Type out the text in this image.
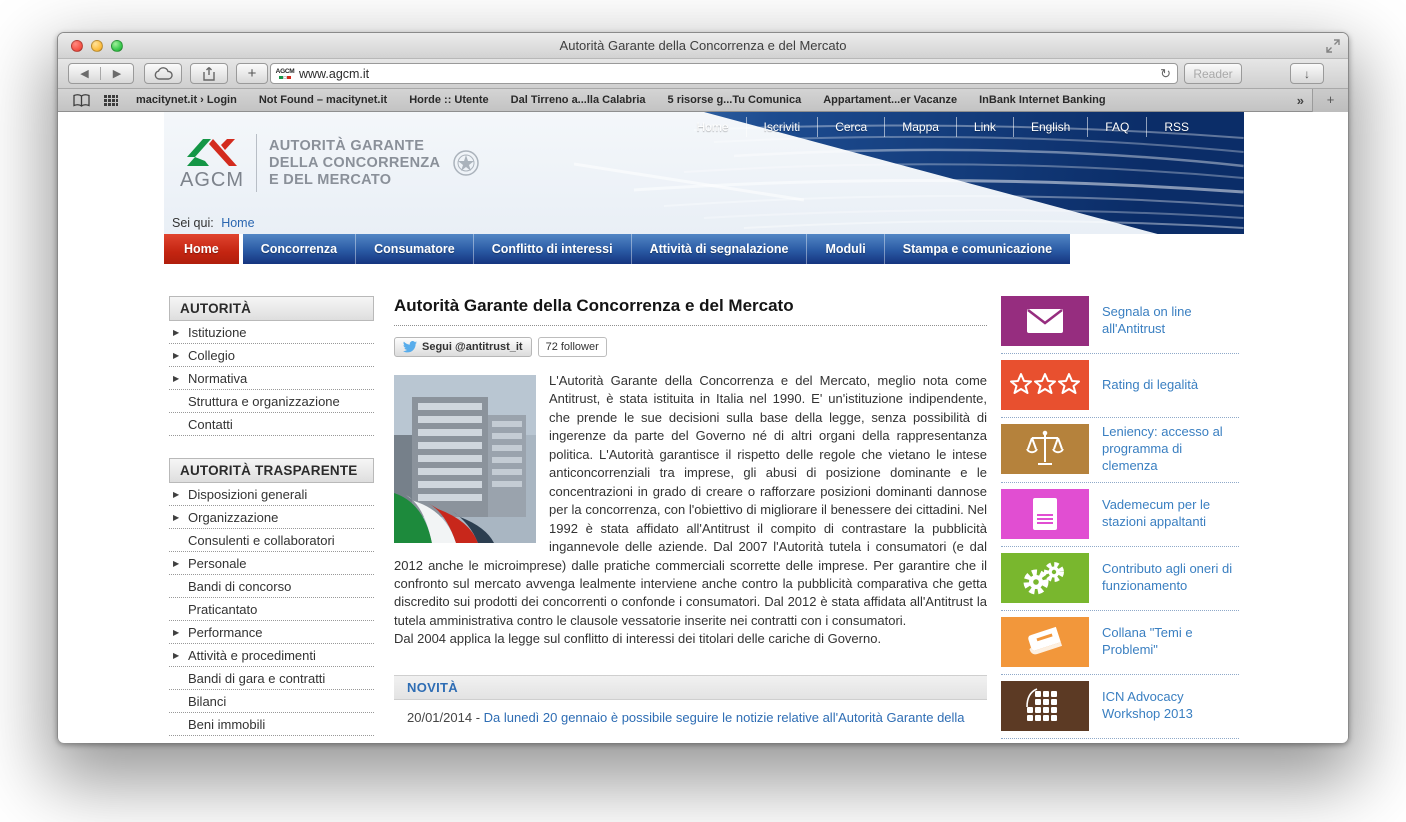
Autorità Garante della Concorrenza e del Mercato
◀	▶	+	AGCM www.agcm.it	↻	Reader	↓
macitynet.it › Login Not Found – macitynet.it Horde :: Utente Dal Tirreno a...lla Calabria 5 risorse g...Tu Comunica Appartament...er Vacanze InBank Internet Banking	»	+
Home	Iscriviti	Cerca	Mappa	Link	English	FAQ	RSS
AGCM
AUTORITÀ GARANTE
DELLA CONCORRENZA
E DEL MERCATO
Sei qui: Home
Home	Concorrenza	Consumatore	Conflitto di interessi	Attività di segnalazione	Moduli	Stampa e comunicazione
AUTORITÀ
▶ Istituzione
▶ Collegio
▶ Normativa
Struttura e organizzazione
Contatti
AUTORITÀ TRASPARENTE
▶ Disposizioni generali
▶ Organizzazione
Consulenti e collaboratori
▶ Personale
Bandi di concorso
Praticantato
▶ Performance
▶ Attività e procedimenti
Bandi di gara e contratti
Bilanci
Beni immobili
Autorità Garante della Concorrenza e del Mercato
Segui @antitrust_it	72 follower
L'Autorità Garante della Concorrenza e del Mercato, meglio nota come Antitrust, è stata istituita in Italia nel 1990. E' un'istituzione indipendente, che prende le sue decisioni sulla base della legge, senza possibilità di ingerenze da parte del Governo né di altri organi della rappresentanza politica. L'Autorità garantisce il rispetto delle regole che vietano le intese anticoncorrenziali tra imprese, gli abusi di posizione dominante e le concentrazioni in grado di creare o rafforzare posizioni dominanti dannose per la concorrenza, con l'obiettivo di migliorare il benessere dei cittadini. Nel 1992 è stata affidato all'Antitrust il compito di contrastare la pubblicità ingannevole delle aziende. Dal 2007 l'Autorità tutela i consumatori (e dal 2012 anche le microimprese) dalle pratiche commerciali scorrette delle imprese. Per garantire che il confronto sul mercato avvenga lealmente interviene anche contro la pubblicità comparativa che getta discredito sui prodotti dei concorrenti o confonde i consumatori. Dal 2012 è stata affidata all'Antitrust la tutela amministrativa contro le clausole vessatorie inserite nei contratti con i consumatori.
Dal 2004 applica la legge sul conflitto di interessi dei titolari delle cariche di Governo.
NOVITÀ
20/01/2014 - Da lunedì 20 gennaio è possibile seguire le notizie relative all'Autorità Garante della
Segnala on line all'Antitrust
Rating di legalità
Leniency: accesso al programma di clemenza
Vademecum per le stazioni appaltanti
Contributo agli oneri di funzionamento
Collana "Temi e Problemi"
ICN Advocacy Workshop 2013
